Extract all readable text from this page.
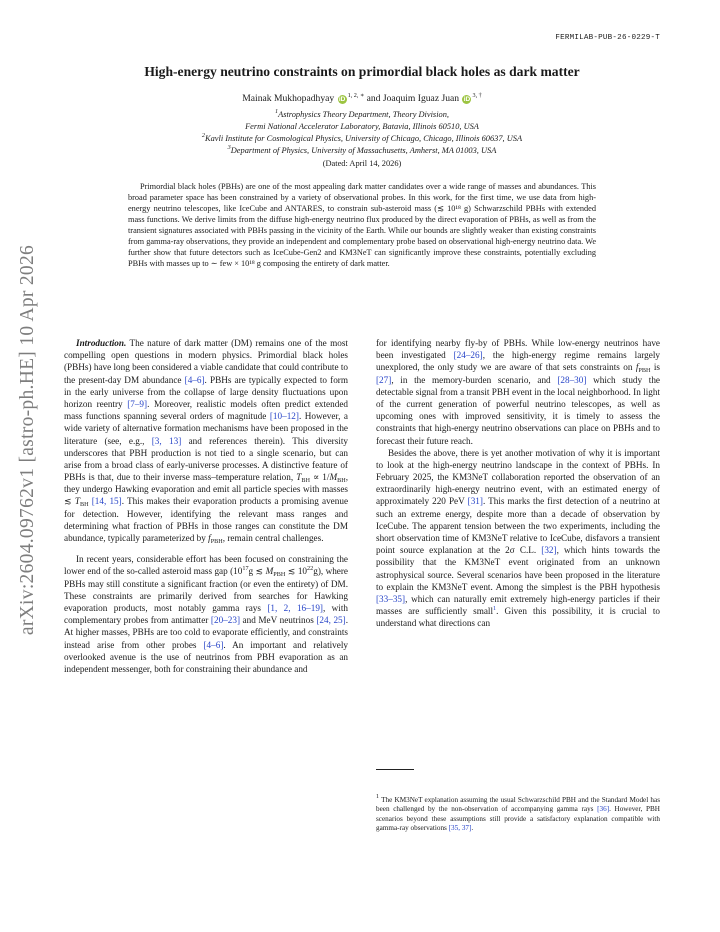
arXiv:2604.09762v1 [astro-ph.HE] 10 Apr 2026
FERMILAB-PUB-26-0229-T
High-energy neutrino constraints on primordial black holes as dark matter
Mainak Mukhopadhyay $iD^{1, 2, ∗}$ and Joaquim Iguaz Juan $iD^{3, \dagger}$
$^1$Astrophysics Theory Department, Theory Division,
Fermi National Accelerator Laboratory, Batavia, Illinois 60510, USA
$^2$Kavli Institute for Cosmological Physics, University of Chicago, Chicago, Illinois 60637, USA
$^3$Department of Physics, University of Massachusetts, Amherst, MA 01003, USA
(Dated: April 14, 2026)
Primordial black holes (PBHs) are one of the most appealing dark matter candidates over a wide range of masses and abundances. This broad parameter space has been constrained by a variety of observational probes. In this work, for the first time, we use data from high-energy neutrino telescopes, like IceCube and ANTARES, to constrain sub-asteroid mass (≲ 10¹⁸ g) Schwarzschild PBHs with extended mass functions. We derive limits from the diffuse high-energy neutrino flux produced by the direct evaporation of PBHs, as well as from the transient signatures associated with PBHs passing in the vicinity of the Earth. While our bounds are slightly weaker than existing constraints from gamma-ray observations, they provide an independent and complementary probe based on observational high-energy neutrino data. We further show that future detectors such as IceCube-Gen2 and KM3NeT can significantly improve these constraints, potentially excluding PBHs with masses up to ∼ few × 10¹⁸ g composing the entirety of dark matter.

Introduction. The nature of dark matter (DM) remains one of the most compelling open questions in modern physics. Primordial black holes (PBHs) have long been considered a viable candidate that could contribute to the present-day DM abundance [4–6]. PBHs are typically expected to form in the early universe from the collapse of large density fluctuations upon horizon reentry [7–9]. Moreover, realistic models often predict extended mass functions spanning several orders of magnitude [10–12]. However, a wide variety of alternative formation mechanisms have been proposed in the literature (see, e.g., [3, 13] and references therein). This diversity underscores that PBH production is not tied to a single scenario, but can arise from a broad class of early-universe processes. A distinctive feature of PBHs is that, due to their inverse mass–temperature relation, $T_{BH} \propto 1/M_{BH}$, they undergo Hawking evaporation and emit all particle species with masses ≲ $T_{BH}$ [14, 15]. This makes their evaporation products a promising avenue for detection. However, identifying the relevant mass ranges and determining what fraction of PBHs in those ranges can constitute the DM abundance, typically parameterized by $f_{PBH}$, remain central challenges.

In recent years, considerable effort has been focused on constraining the lower end of the so-called asteroid mass gap ($10^{17}g$ ≲ $M_{PBH}$ ≲ $10^{22}g$), where PBHs may still constitute a significant fraction (or even the entirety) of DM. These constraints are primarily derived from searches for Hawking evaporation products, most notably gamma rays [1, 2, 16–19], with complementary probes from antimatter [20–23] and MeV neutrinos [24, 25]. At higher masses, PBHs are too cold to evaporate efficiently, and constraints instead arise from other probes [4–6]. An important and relatively overlooked avenue is the use of neutrinos from PBH evaporation as an independent messenger, both for constraining their abundance and

for identifying nearby fly-by of PBHs. While low-energy neutrinos have been investigated [24–26], the high-energy regime remains largely unexplored, the only study we are aware of that sets constraints on $f_{PBH}$ is [27], in the memory-burden scenario, and [28–30] which study the detectable signal from a transit PBH event in the local neighborhood. In light of the current generation of powerful neutrino telescopes, as well as upcoming ones with improved sensitivity, it is timely to assess the constraints that high-energy neutrino observations can place on PBHs and to forecast their future reach.

Besides the above, there is yet another motivation of why it is important to look at the high-energy neutrino landscape in the context of PBHs. In February 2025, the KM3NeT collaboration reported the observation of an extraordinarily high-energy neutrino event, with an estimated energy of approximately 220 PeV [31]. This marks the first detection of a neutrino at such an extreme energy, despite more than a decade of observation by IceCube. The apparent tension between the two experiments, including the short observation time of KM3NeT relative to IceCube, disfavors a transient point source explanation at the 2σ C.L. [32], which hints towards the possibility that the KM3NeT event originated from an unknown astrophysical source. Several scenarios have been proposed in the literature to explain the KM3NeT event. Among the simplest is the PBH hypothesis [33–35], which can naturally emit extremely high-energy particles if their masses are sufficiently small$^1$. Given this possibility, it is crucial to understand what directions can

$^1$ The KM3NeT explanation assuming the usual Schwarzschild PBH and the Standard Model has been challenged by the non-observation of accompanying gamma rays [36]. However, PBH scenarios beyond these assumptions still provide a satisfactory explanation compatible with gamma-ray observations [35, 37].
